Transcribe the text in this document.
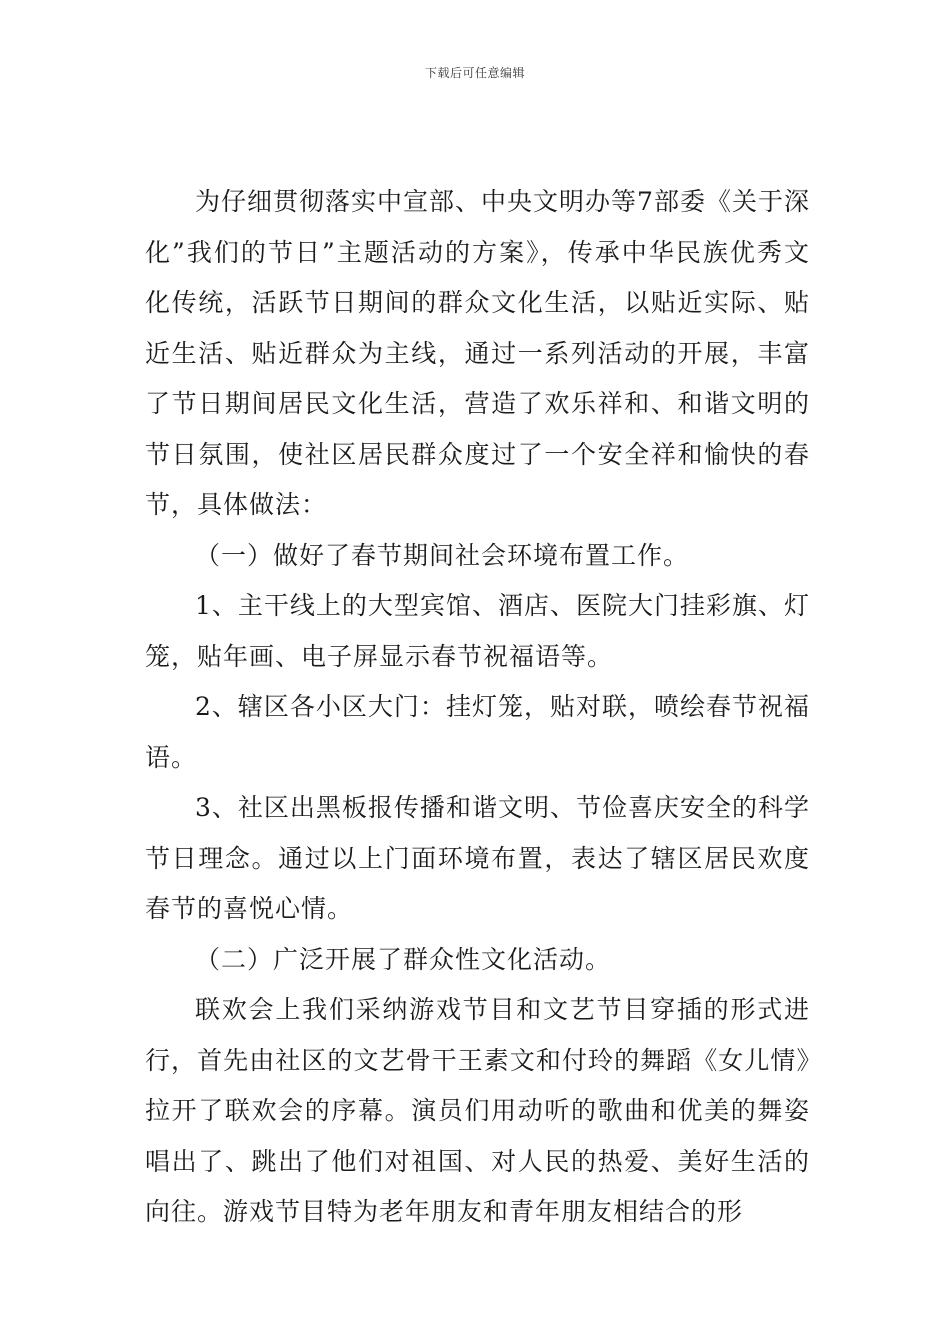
下载后可任意编辑

为仔细贯彻落实中宣部、中央文明办等7部委《关于深化”我们的节日”主题活动的方案》，传承中华民族优秀文化传统，活跃节日期间的群众文化生活，以贴近实际、贴近生活、贴近群众为主线，通过一系列活动的开展，丰富了节日期间居民文化生活，营造了欢乐祥和、和谐文明的节日氛围，使社区居民群众度过了一个安全祥和愉快的春节，具体做法：

（一）做好了春节期间社会环境布置工作。

1、主干线上的大型宾馆、酒店、医院大门挂彩旗、灯笼，贴年画、电子屏显示春节祝福语等。

2、辖区各小区大门：挂灯笼，贴对联，喷绘春节祝福语。

3、社区出黑板报传播和谐文明、节俭喜庆安全的科学节日理念。通过以上门面环境布置，表达了辖区居民欢度春节的喜悦心情。

（二）广泛开展了群众性文化活动。

联欢会上我们采纳游戏节目和文艺节目穿插的形式进行，首先由社区的文艺骨干王素文和付玲的舞蹈《女儿情》拉开了联欢会的序幕。演员们用动听的歌曲和优美的舞姿唱出了、跳出了他们对祖国、对人民的热爱、美好生活的向往。游戏节目特为老年朋友和青年朋友相结合的形
